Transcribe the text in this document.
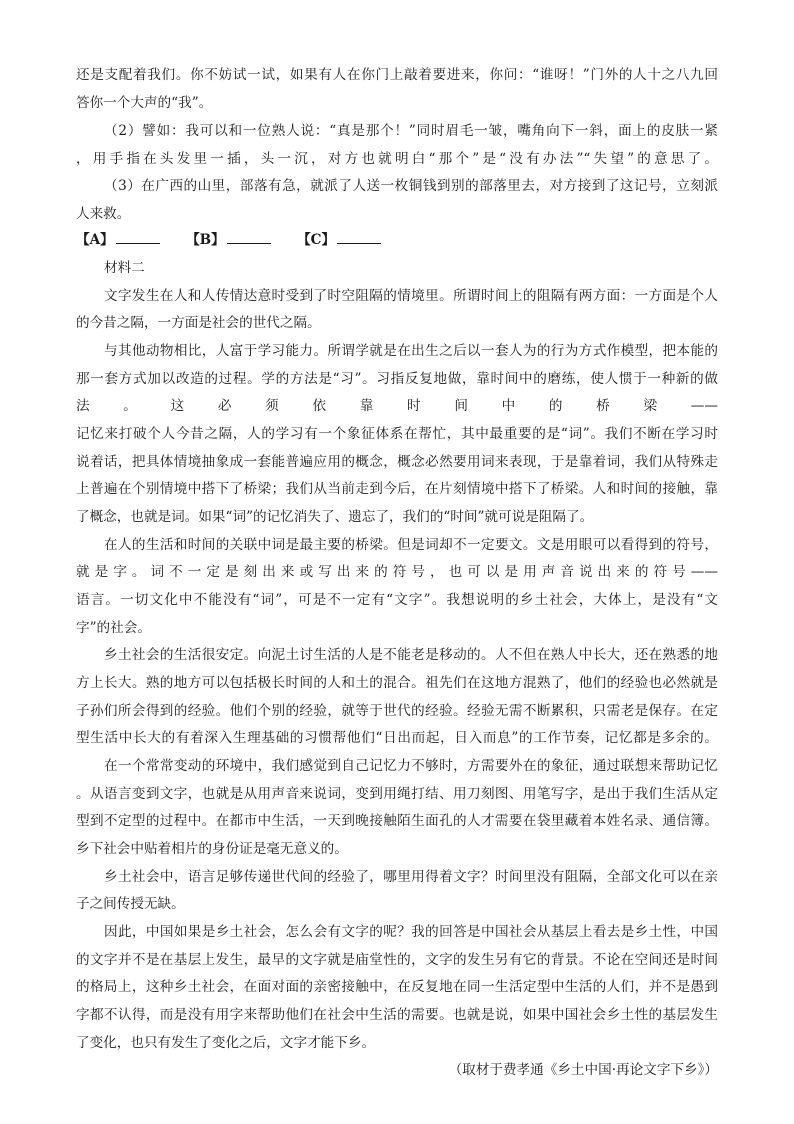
还是支配着我们。你不妨试一试，如果有人在你门上敲着要进来，你问：“谁呀！”门外的人十之八九回
答你一个大声的“我”。
（2）譬如：我可以和一位熟人说：“真是那个！”同时眉毛一皱，嘴角向下一斜，面上的皮肤一紧
，用手指在头发里一插，头一沉，对方也就明白“那个”是“没有办法”“失望”的意思了。
（3）在广西的山里，部落有急，就派了人送一枚铜钱到别的部落里去，对方接到了这记号，立刻派
人来救。
【A】	【B】	【C】
材料二
文字发生在人和人传情达意时受到了时空阻隔的情境里。所谓时间上的阻隔有两方面：一方面是个人
的今昔之隔，一方面是社会的世代之隔。
与其他动物相比，人富于学习能力。所谓学就是在出生之后以一套人为的行为方式作模型，把本能的
那一套方式加以改造的过程。学的方法是“习”。习指反复地做，靠时间中的磨练，使人惯于一种新的做
法。这必须依靠时间中的桥梁——
记忆来打破个人今昔之隔，人的学习有一个象征体系在帮忙，其中最重要的是“词”。我们不断在学习时
说着话，把具体情境抽象成一套能普遍应用的概念，概念必然要用词来表现，于是靠着词，我们从特殊走
上普遍在个别情境中搭下了桥梁；我们从当前走到今后，在片刻情境中搭下了桥梁。人和时间的接触，靠
了概念，也就是词。如果“词”的记忆消失了、遗忘了，我们的“时间”就可说是阻隔了。
在人的生活和时间的关联中词是最主要的桥梁。但是词却不一定要文。文是用眼可以看得到的符号，
就是字。词不一定是刻出来或写出来的符号，也可以是用声音说出来的符号——
语言。一切文化中不能没有“词”，可是不一定有“文字”。我想说明的乡土社会，大体上，是没有“文
字”的社会。
乡土社会的生活很安定。向泥土讨生活的人是不能老是移动的。人不但在熟人中长大，还在熟悉的地
方上长大。熟的地方可以包括极长时间的人和土的混合。祖先们在这地方混熟了，他们的经验也必然就是
子孙们所会得到的经验。他们个别的经验，就等于世代的经验。经验无需不断累积，只需老是保存。在定
型生活中长大的有着深入生理基础的习惯帮他们“日出而起，日入而息”的工作节奏，记忆都是多余的。
在一个常常变动的环境中，我们感觉到自己记忆力不够时，方需要外在的象征，通过联想来帮助记忆
。从语言变到文字，也就是从用声音来说词，变到用绳打结、用刀刻图、用笔写字，是出于我们生活从定
型到不定型的过程中。在都市中生活，一天到晚接触陌生面孔的人才需要在袋里藏着本姓名录、通信簿。
乡下社会中贴着相片的身份证是毫无意义的。
乡土社会中，语言足够传递世代间的经验了，哪里用得着文字？时间里没有阻隔，全部文化可以在亲
子之间传授无缺。
因此，中国如果是乡土社会，怎么会有文字的呢？我的回答是中国社会从基层上看去是乡土性，中国
的文字并不是在基层上发生，最早的文字就是庙堂性的，文字的发生另有它的背景。不论在空间还是时间
的格局上，这种乡土社会，在面对面的亲密接触中，在反复地在同一生活定型中生活的人们，并不是愚到
字都不认得，而是没有用字来帮助他们在社会中生活的需要。也就是说，如果中国社会乡土性的基层发生
了变化，也只有发生了变化之后，文字才能下乡。
（取材于费孝通《乡土中国·再论文字下乡》）
